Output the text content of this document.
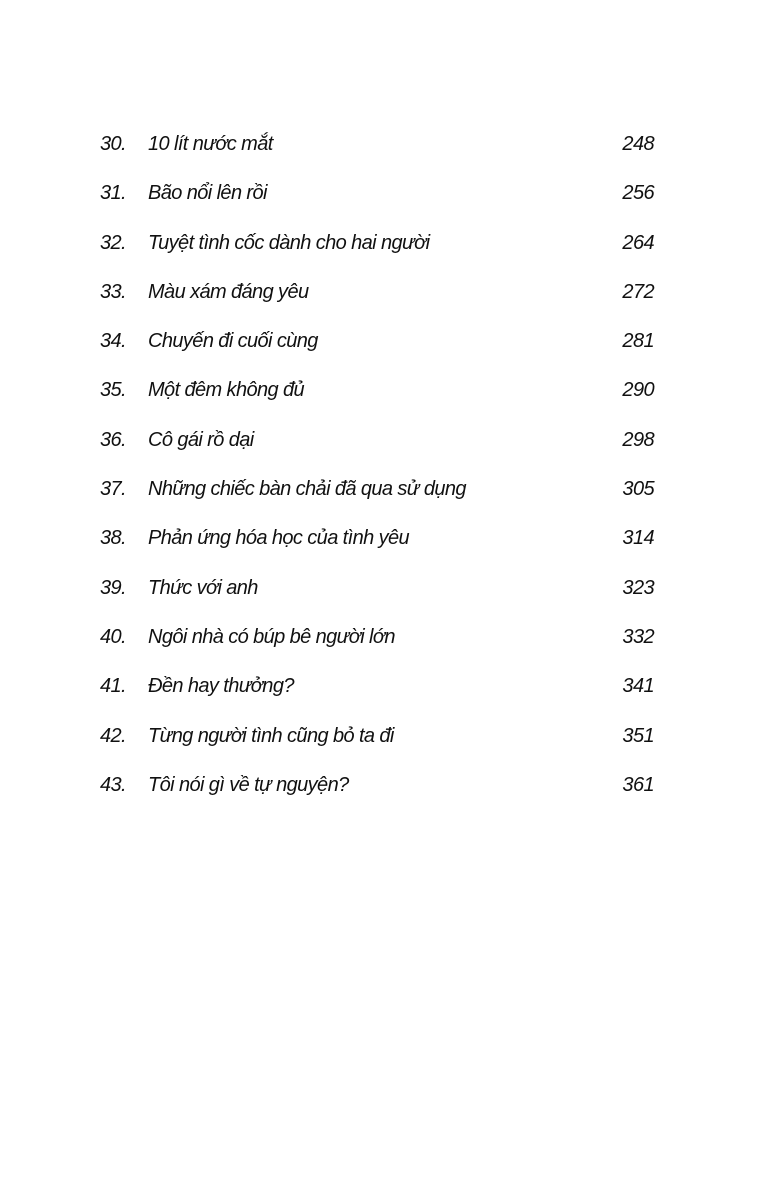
30. 10 lít nước mắt	248
31. Bão nổi lên rồi	256
32. Tuyệt tình cốc dành cho hai người	264
33. Màu xám đáng yêu	272
34. Chuyến đi cuối cùng	281
35. Một đêm không đủ	290
36. Cô gái rồ dại	298
37. Những chiếc bàn chải đã qua sử dụng	305
38. Phản ứng hóa học của tình yêu	314
39. Thức với anh	323
40. Ngôi nhà có búp bê người lớn	332
41. Đền hay thưởng?	341
42. Từng người tình cũng bỏ ta đi	351
43. Tôi nói gì về tự nguyện?	361
